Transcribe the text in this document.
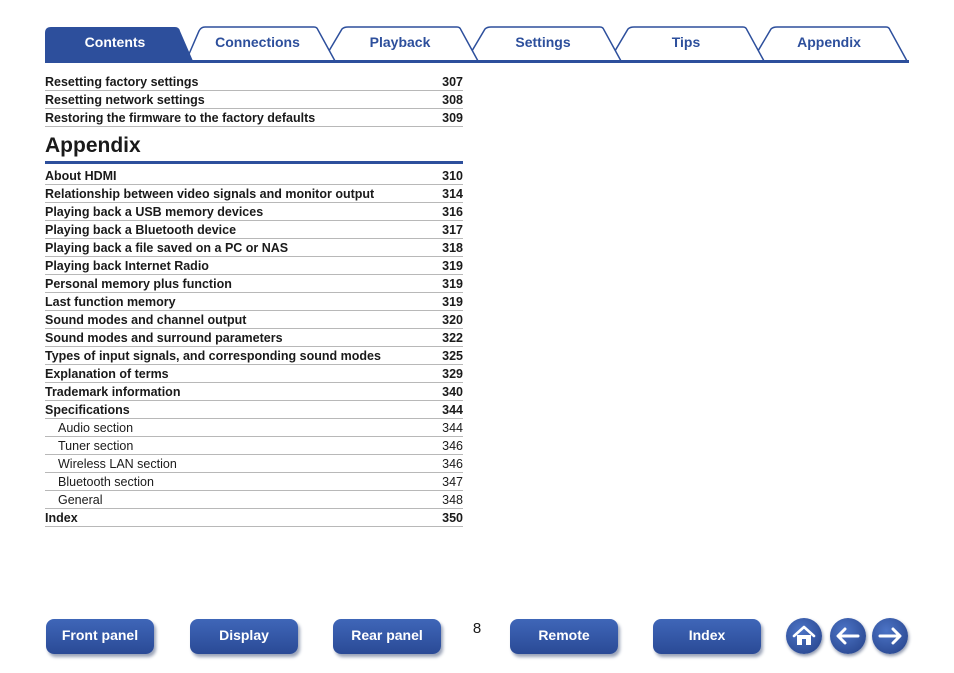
Contents	Connections	Playback	Settings	Tips	Appendix
Resetting factory settings	307
Resetting network settings	308
Restoring the firmware to the factory defaults	309
Appendix
About HDMI	310
Relationship between video signals and monitor output	314
Playing back a USB memory devices	316
Playing back a Bluetooth device	317
Playing back a file saved on a PC or NAS	318
Playing back Internet Radio	319
Personal memory plus function	319
Last function memory	319
Sound modes and channel output	320
Sound modes and surround parameters	322
Types of input signals, and corresponding sound modes	325
Explanation of terms	329
Trademark information	340
Specifications	344
Audio section	344
Tuner section	346
Wireless LAN section	346
Bluetooth section	347
General	348
Index	350
Front panel	Display	Rear panel	8	Remote	Index
